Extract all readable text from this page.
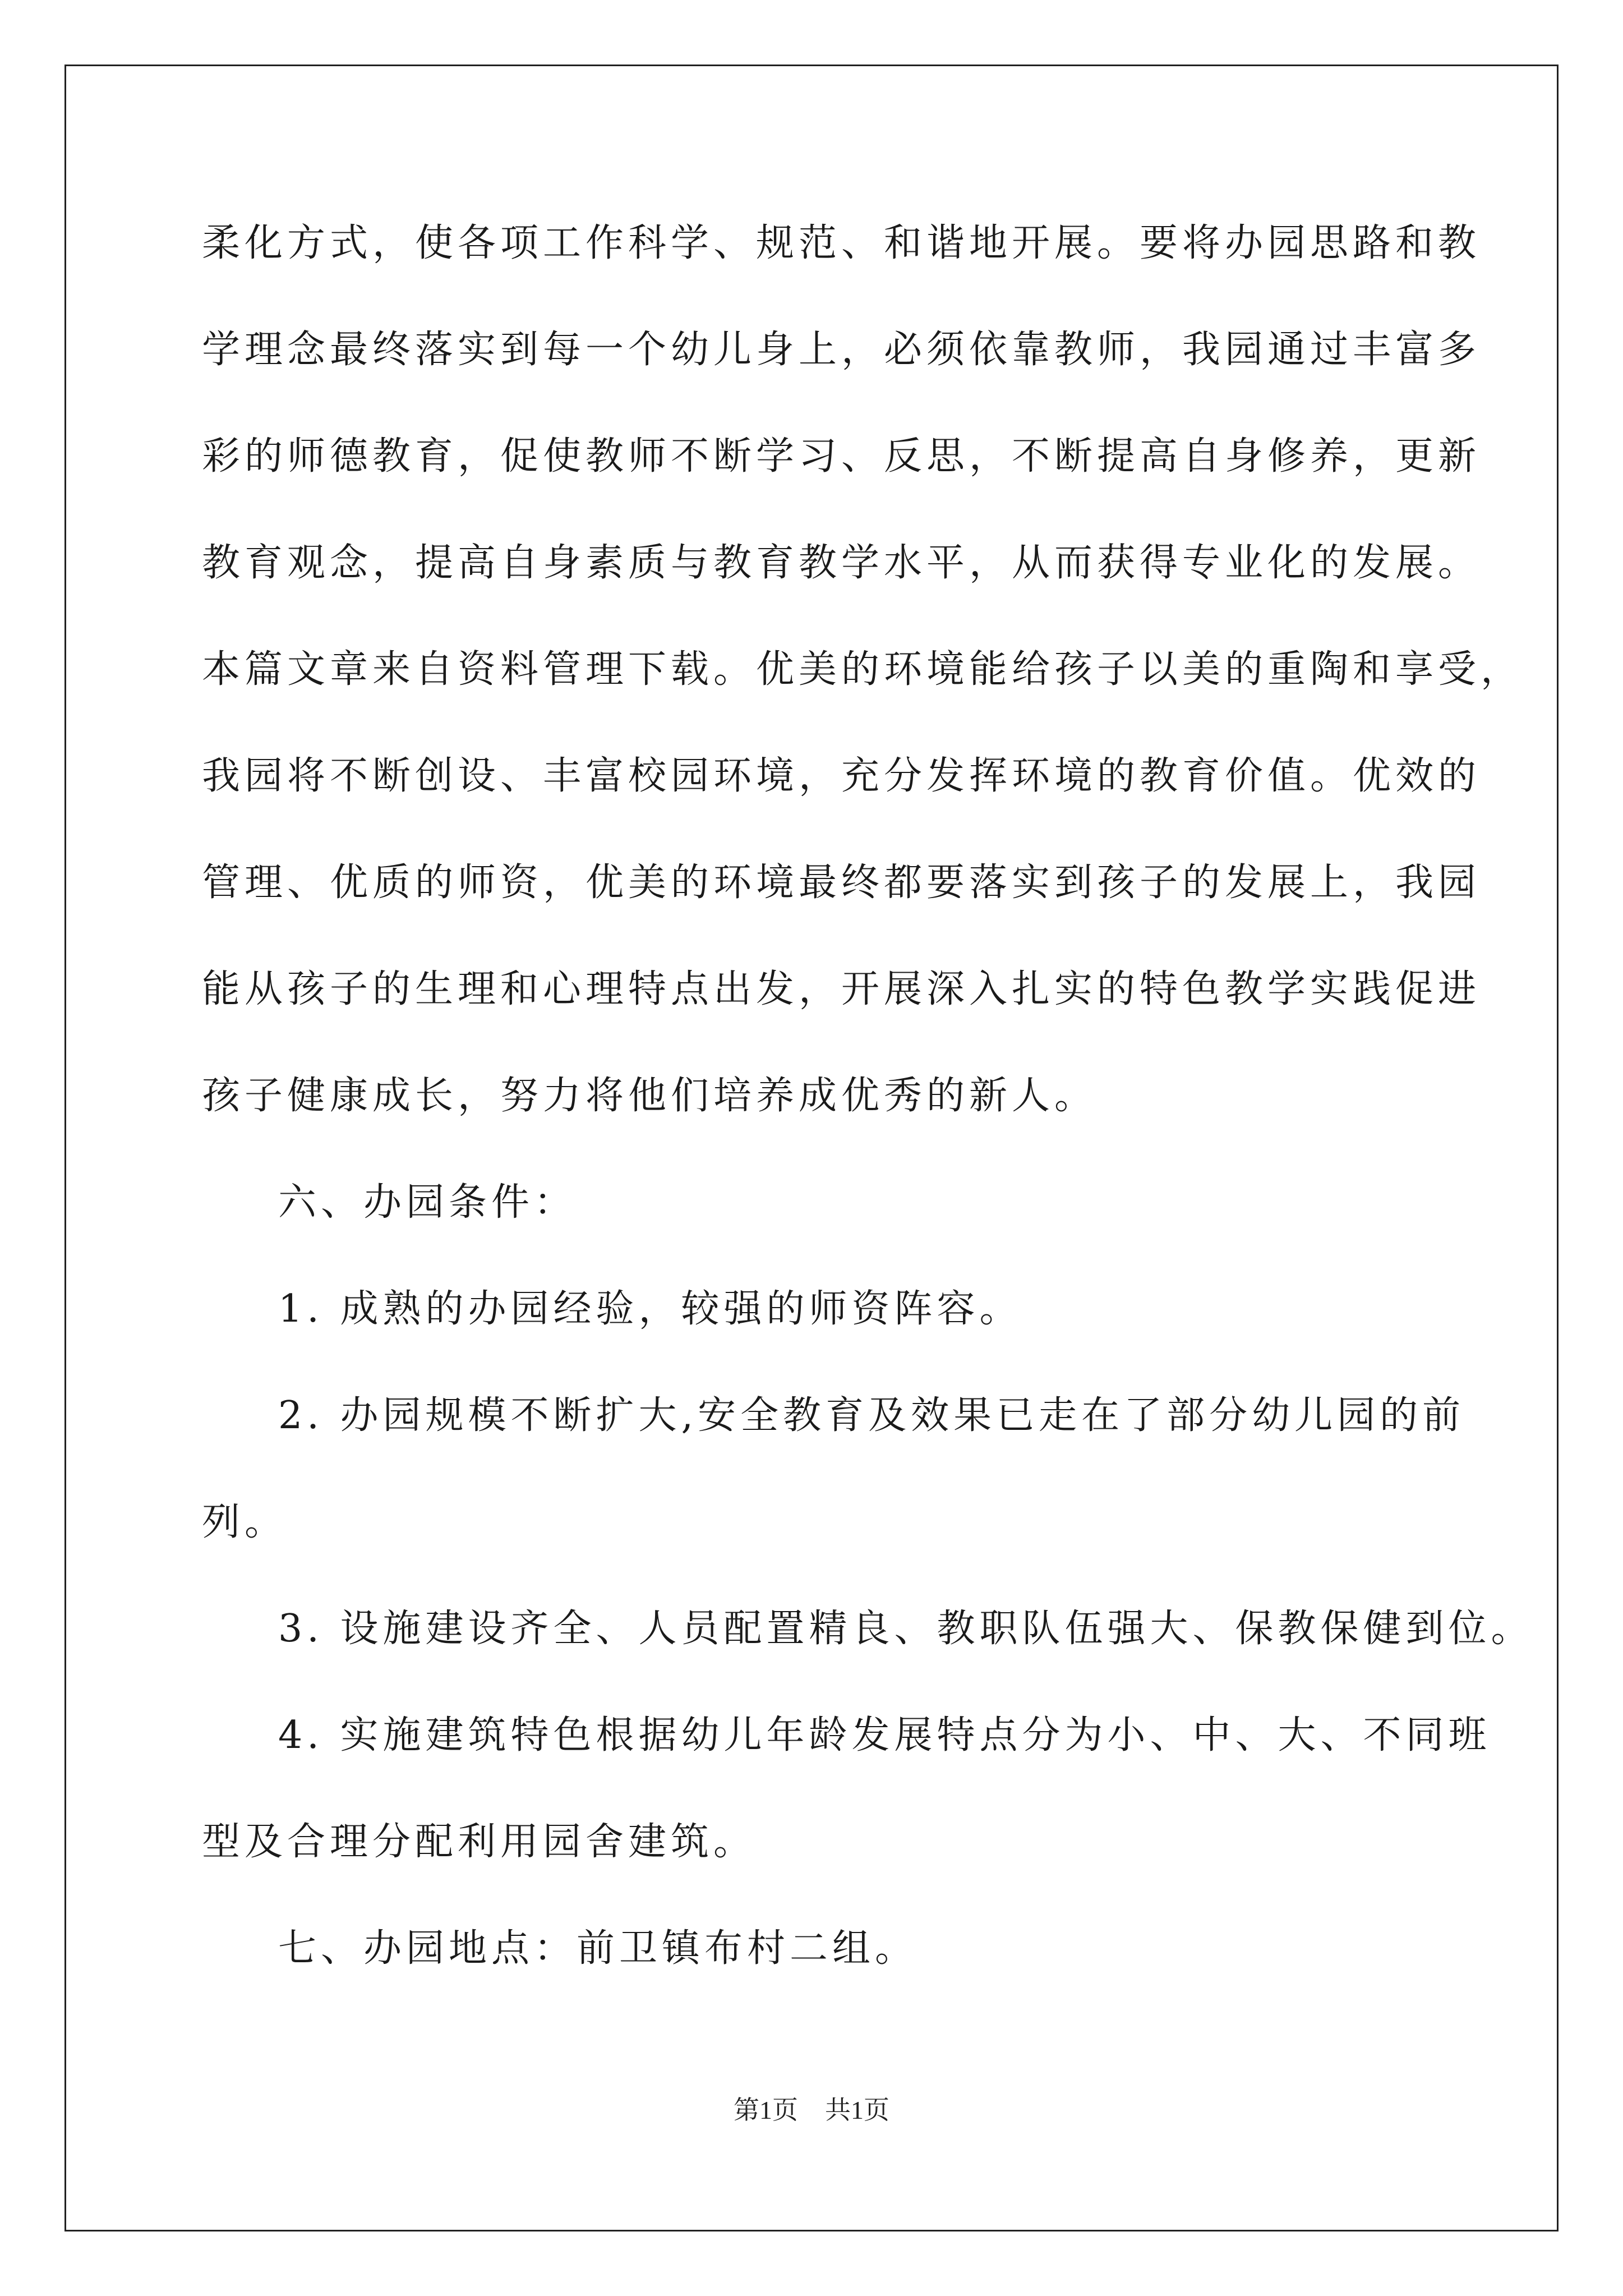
柔化方式，使各项工作科学、规范、和谐地开展。要将办园思路和教
学理念最终落实到每一个幼儿身上，必须依靠教师，我园通过丰富多
彩的师德教育，促使教师不断学习、反思，不断提高自身修养，更新
教育观念，提高自身素质与教育教学水平，从而获得专业化的发展。
本篇文章来自资料管理下载。优美的环境能给孩子以美的重陶和享受，
我园将不断创设、丰富校园环境，充分发挥环境的教育价值。优效的
管理、优质的师资，优美的环境最终都要落实到孩子的发展上，我园
能从孩子的生理和心理特点出发，开展深入扎实的特色教学实践促进
孩子健康成长，努力将他们培养成优秀的新人。
六、办园条件：
1. 成熟的办园经验，较强的师资阵容。
2. 办园规模不断扩大,安全教育及效果已走在了部分幼儿园的前
列。
3. 设施建设齐全、人员配置精良、教职队伍强大、保教保健到位。
4. 实施建筑特色根据幼儿年龄发展特点分为小、中、大、不同班
型及合理分配利用园舍建筑。
七、办园地点：前卫镇布村二组。
第1页 共1页
